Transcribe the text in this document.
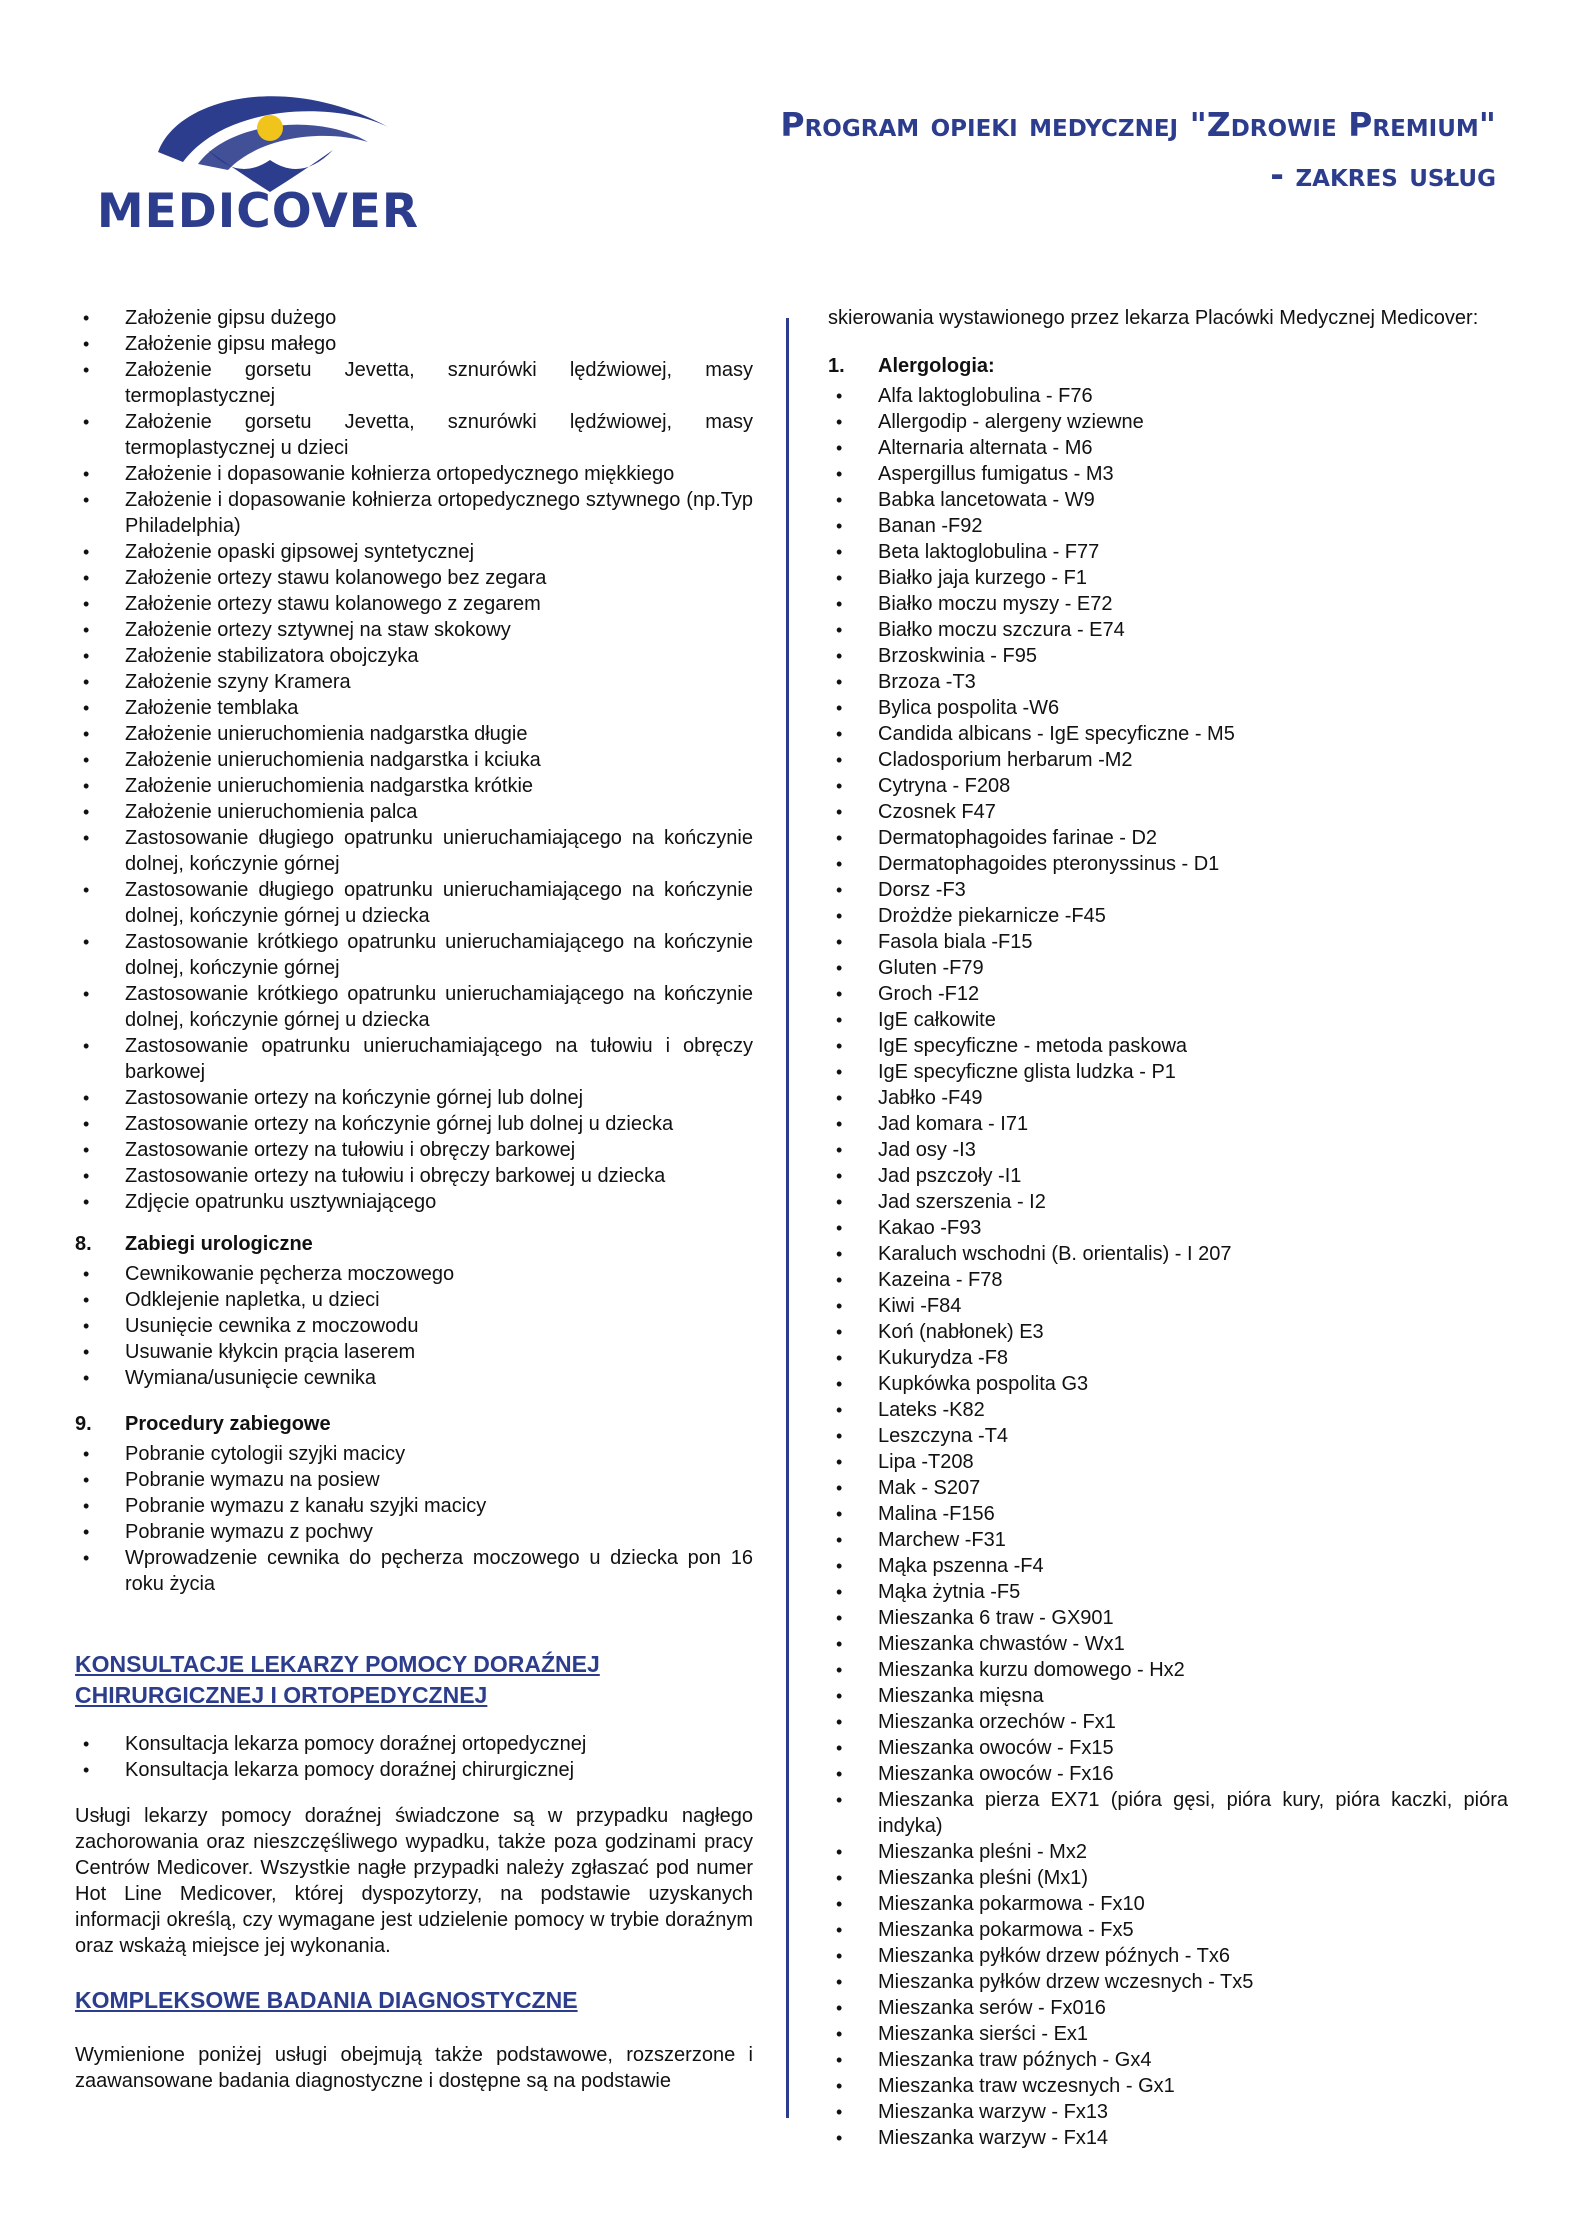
MEDICOVER
Program opieki medycznej "Zdrowie Premium"
- zakres usług
• Założenie gipsu dużego
• Założenie gipsu małego
• Założenie gorsetu Jevetta, sznurówki lędźwiowej, masy termoplastycznej
• Założenie gorsetu Jevetta, sznurówki lędźwiowej, masy termoplastycznej u dzieci
• Założenie i dopasowanie kołnierza ortopedycznego miękkiego
• Założenie i dopasowanie kołnierza ortopedycznego sztywnego (np.Typ Philadelphia)
• Założenie opaski gipsowej syntetycznej
• Założenie ortezy stawu kolanowego bez zegara
• Założenie ortezy stawu kolanowego z zegarem
• Założenie ortezy sztywnej na staw skokowy
• Założenie stabilizatora obojczyka
• Założenie szyny Kramera
• Założenie temblaka
• Założenie unieruchomienia nadgarstka długie
• Założenie unieruchomienia nadgarstka i kciuka
• Założenie unieruchomienia nadgarstka krótkie
• Założenie unieruchomienia palca
• Zastosowanie długiego opatrunku unieruchamiającego na kończynie dolnej, kończynie górnej
• Zastosowanie długiego opatrunku unieruchamiającego na kończynie dolnej, kończynie górnej u dziecka
• Zastosowanie krótkiego opatrunku unieruchamiającego na kończynie dolnej, kończynie górnej
• Zastosowanie krótkiego opatrunku unieruchamiającego na kończynie dolnej, kończynie górnej u dziecka
• Zastosowanie opatrunku unieruchamiającego na tułowiu i obręczy barkowej
• Zastosowanie ortezy na kończynie górnej lub dolnej
• Zastosowanie ortezy na kończynie górnej lub dolnej u dziecka
• Zastosowanie ortezy na tułowiu i obręczy barkowej
• Zastosowanie ortezy na tułowiu i obręczy barkowej u dziecka
• Zdjęcie opatrunku usztywniającego
8.	Zabiegi urologiczne
• Cewnikowanie pęcherza moczowego
• Odklejenie napletka, u dzieci
• Usunięcie cewnika z moczowodu
• Usuwanie kłykcin prącia laserem
• Wymiana/usunięcie cewnika
9.	Procedury zabiegowe
• Pobranie cytologii szyjki macicy
• Pobranie wymazu na posiew
• Pobranie wymazu z kanału szyjki macicy
• Pobranie wymazu z pochwy
• Wprowadzenie cewnika do pęcherza moczowego u dziecka pon 16 roku życia
KONSULTACJE LEKARZY POMOCY DORAŹNEJ CHIRURGICZNEJ I ORTOPEDYCZNEJ
• Konsultacja lekarza pomocy doraźnej ortopedycznej
• Konsultacja lekarza pomocy doraźnej chirurgicznej
Usługi lekarzy pomocy doraźnej świadczone są w przypadku nagłego zachorowania oraz nieszczęśliwego wypadku, także poza godzinami pracy Centrów Medicover. Wszystkie nagłe przypadki należy zgłaszać pod numer Hot Line Medicover, której dyspozytorzy, na podstawie uzyskanych informacji określą, czy wymagane jest udzielenie pomocy w trybie doraźnym oraz wskażą miejsce jej wykonania.
KOMPLEKSOWE BADANIA DIAGNOSTYCZNE
Wymienione poniżej usługi obejmują także podstawowe, rozszerzone i zaawansowane badania diagnostyczne i dostępne są na podstawie
skierowania wystawionego przez lekarza Placówki Medycznej Medicover:
1.	Alergologia:
• Alfa laktoglobulina - F76
• Allergodip - alergeny wziewne
• Alternaria alternata - M6
• Aspergillus fumigatus - M3
• Babka lancetowata - W9
• Banan -F92
• Beta laktoglobulina - F77
• Białko jaja kurzego - F1
• Białko moczu myszy - E72
• Białko moczu szczura - E74
• Brzoskwinia - F95
• Brzoza -T3
• Bylica pospolita -W6
• Candida albicans - IgE specyficzne - M5
• Cladosporium herbarum -M2
• Cytryna - F208
• Czosnek F47
• Dermatophagoides farinae - D2
• Dermatophagoides pteronyssinus - D1
• Dorsz -F3
• Drożdże piekarnicze -F45
• Fasola biala -F15
• Gluten -F79
• Groch -F12
• IgE całkowite
• IgE specyficzne - metoda paskowa
• IgE specyficzne glista ludzka - P1
• Jabłko -F49
• Jad komara - I71
• Jad osy -I3
• Jad pszczoły -I1
• Jad szerszenia - I2
• Kakao -F93
• Karaluch wschodni (B. orientalis) - I 207
• Kazeina - F78
• Kiwi -F84
• Koń (nabłonek) E3
• Kukurydza -F8
• Kupkówka pospolita G3
• Lateks -K82
• Leszczyna -T4
• Lipa -T208
• Mak - S207
• Malina -F156
• Marchew -F31
• Mąka pszenna -F4
• Mąka żytnia -F5
• Mieszanka 6 traw - GX901
• Mieszanka chwastów - Wx1
• Mieszanka kurzu domowego - Hx2
• Mieszanka mięsna
• Mieszanka orzechów - Fx1
• Mieszanka owoców - Fx15
• Mieszanka owoców - Fx16
• Mieszanka pierza EX71 (pióra gęsi, pióra kury, pióra kaczki, pióra indyka)
• Mieszanka pleśni - Mx2
• Mieszanka pleśni (Mx1)
• Mieszanka pokarmowa - Fx10
• Mieszanka pokarmowa - Fx5
• Mieszanka pyłków drzew późnych - Tx6
• Mieszanka pyłków drzew wczesnych - Tx5
• Mieszanka serów - Fx016
• Mieszanka sierści - Ex1
• Mieszanka traw późnych - Gx4
• Mieszanka traw wczesnych - Gx1
• Mieszanka warzyw - Fx13
• Mieszanka warzyw - Fx14
